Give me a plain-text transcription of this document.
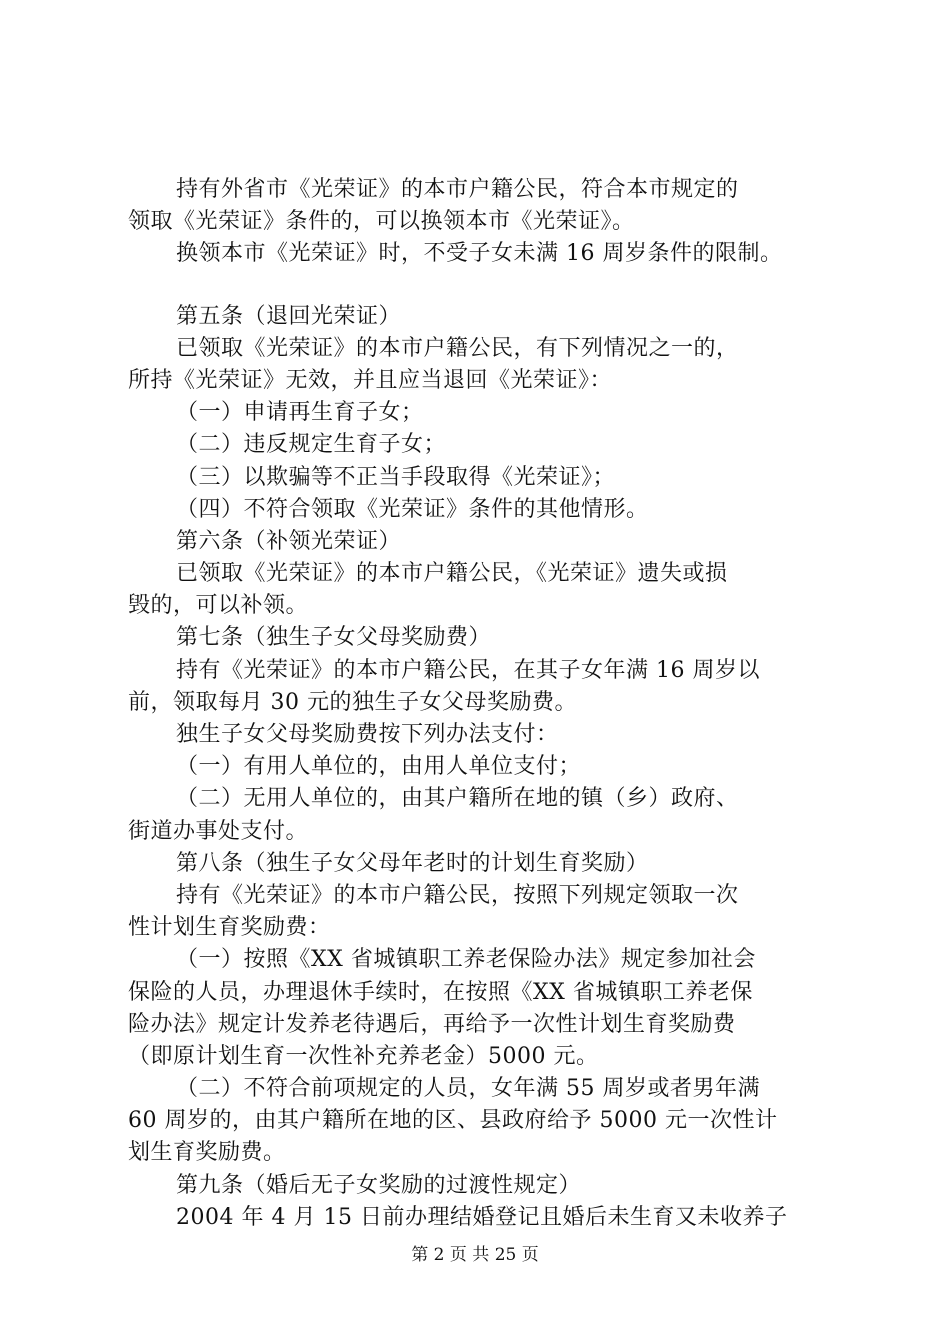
持有外省市《光荣证》的本市户籍公民，符合本市规定的
领取《光荣证》条件的，可以换领本市《光荣证》。
换领本市《光荣证》时，不受子女未满 16 周岁条件的限制。
第五条（退回光荣证）
已领取《光荣证》的本市户籍公民，有下列情况之一的，
所持《光荣证》无效，并且应当退回《光荣证》：
（一）申请再生育子女；
（二）违反规定生育子女；
（三）以欺骗等不正当手段取得《光荣证》；
（四）不符合领取《光荣证》条件的其他情形。
第六条（补领光荣证）
已领取《光荣证》的本市户籍公民，《光荣证》遗失或损
毁的，可以补领。
第七条（独生子女父母奖励费）
持有《光荣证》的本市户籍公民，在其子女年满 16 周岁以
前，领取每月 30 元的独生子女父母奖励费。
独生子女父母奖励费按下列办法支付：
（一）有用人单位的，由用人单位支付；
（二）无用人单位的，由其户籍所在地的镇（乡）政府、
街道办事处支付。
第八条（独生子女父母年老时的计划生育奖励）
持有《光荣证》的本市户籍公民，按照下列规定领取一次
性计划生育奖励费：
（一）按照《XX 省城镇职工养老保险办法》规定参加社会
保险的人员，办理退休手续时，在按照《XX 省城镇职工养老保
险办法》规定计发养老待遇后，再给予一次性计划生育奖励费
（即原计划生育一次性补充养老金）5000 元。
（二）不符合前项规定的人员，女年满 55 周岁或者男年满
60 周岁的，由其户籍所在地的区、县政府给予 5000 元一次性计
划生育奖励费。
第九条（婚后无子女奖励的过渡性规定）
2004 年 4 月 15 日前办理结婚登记且婚后未生育又未收养子
第 2 页 共 25 页
